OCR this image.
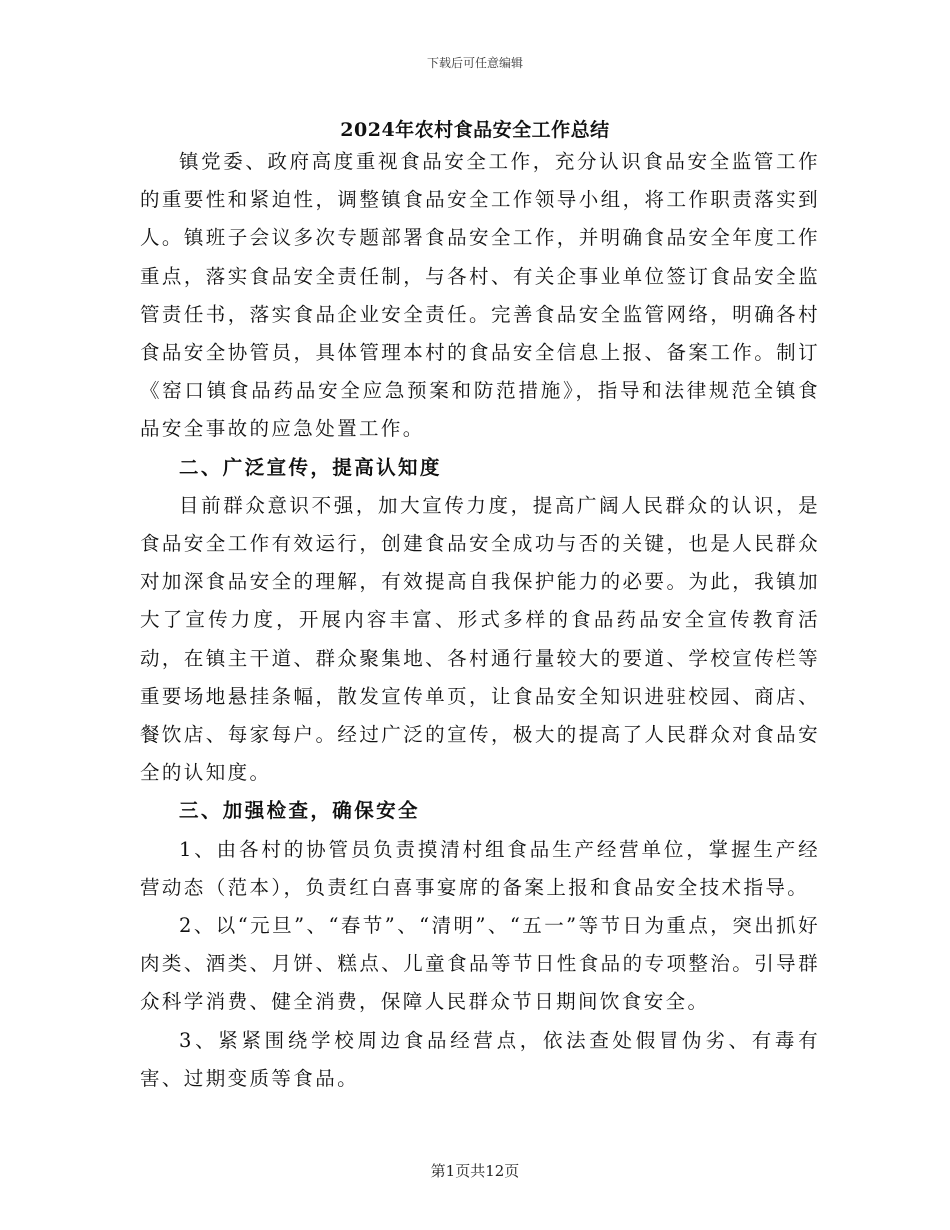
下载后可任意编辑
2024年农村食品安全工作总结

镇党委、政府高度重视食品安全工作，充分认识食品安全监管工作的重要性和紧迫性，调整镇食品安全工作领导小组，将工作职责落实到人。镇班子会议多次专题部署食品安全工作，并明确食品安全年度工作重点，落实食品安全责任制，与各村、有关企事业单位签订食品安全监管责任书，落实食品企业安全责任。完善食品安全监管网络，明确各村食品安全协管员，具体管理本村的食品安全信息上报、备案工作。制订《窑口镇食品药品安全应急预案和防范措施》，指导和法律规范全镇食品安全事故的应急处置工作。

二、广泛宣传，提高认知度

目前群众意识不强，加大宣传力度，提高广阔人民群众的认识，是食品安全工作有效运行，创建食品安全成功与否的关键，也是人民群众对加深食品安全的理解，有效提高自我保护能力的必要。为此，我镇加大了宣传力度，开展内容丰富、形式多样的食品药品安全宣传教育活动，在镇主干道、群众聚集地、各村通行量较大的要道、学校宣传栏等重要场地悬挂条幅，散发宣传单页，让食品安全知识进驻校园、商店、餐饮店、每家每户。经过广泛的宣传，极大的提高了人民群众对食品安全的认知度。

三、加强检查，确保安全

1、由各村的协管员负责摸清村组食品生产经营单位，掌握生产经营动态（范本），负责红白喜事宴席的备案上报和食品安全技术指导。

2、以“元旦”、“春节”、“清明”、“五一”等节日为重点，突出抓好肉类、酒类、月饼、糕点、儿童食品等节日性食品的专项整治。引导群众科学消费、健全消费，保障人民群众节日期间饮食安全。

3、紧紧围绕学校周边食品经营点，依法查处假冒伪劣、有毒有害、过期变质等食品。

第1页共12页
